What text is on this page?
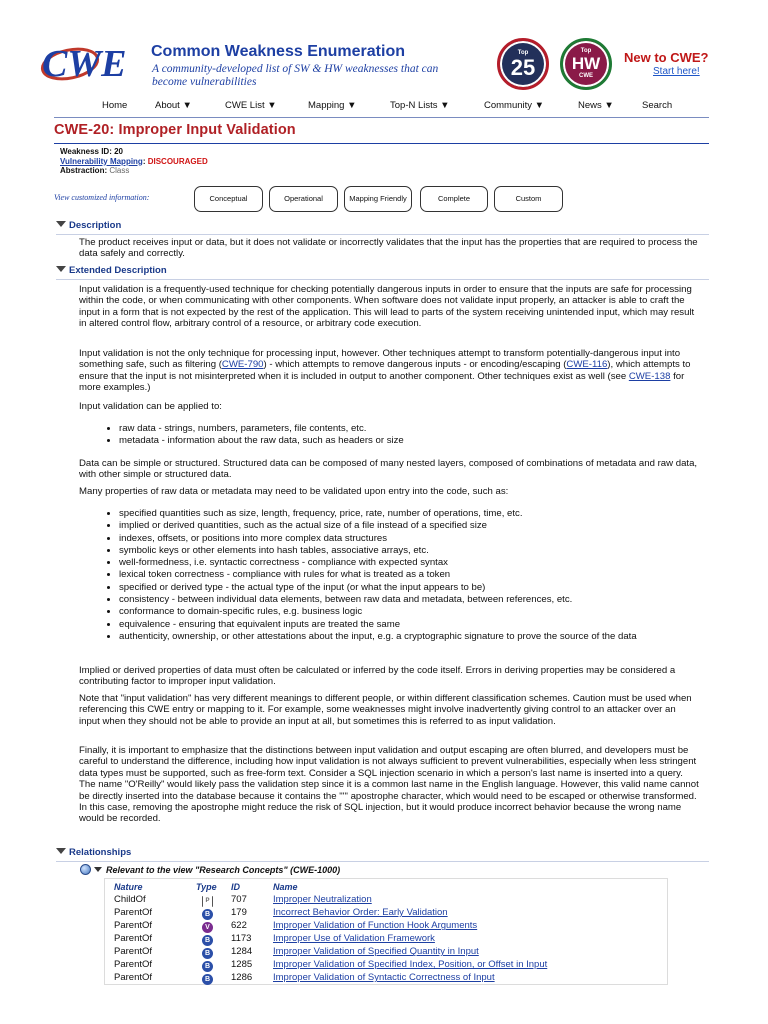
CWE Common Weakness Enumeration
A community-developed list of SW & HW weaknesses that can become vulnerabilities
Top
25
Top
HW
CWE
New to CWE?
Start here!
Home	About ▼	CWE List ▼	Mapping ▼	Top-N Lists ▼	Community ▼	News ▼	Search
CWE-20: Improper Input Validation
Weakness ID: 20
Vulnerability Mapping: DISCOURAGED
Abstraction: Class
View customized information:	Conceptual	Operational	Mapping Friendly	Complete	Custom
Description

The product receives input or data, but it does not validate or incorrectly validates that the input has the properties that are required to process the data safely and correctly.

Extended Description

Input validation is a frequently-used technique for checking potentially dangerous inputs in order to ensure that the inputs are safe for processing within the code, or when communicating with other components. When software does not validate input properly, an attacker is able to craft the input in a form that is not expected by the rest of the application. This will lead to parts of the system receiving unintended input, which may result in altered control flow, arbitrary control of a resource, or arbitrary code execution.

Input validation is not the only technique for processing input, however. Other techniques attempt to transform potentially-dangerous input into something safe, such as filtering (CWE-790) - which attempts to remove dangerous inputs - or encoding/escaping (CWE-116), which attempts to ensure that the input is not misinterpreted when it is included in output to another component. Other techniques exist as well (see CWE-138 for more examples.)

Input validation can be applied to:

• raw data - strings, numbers, parameters, file contents, etc.
• metadata - information about the raw data, such as headers or size

Data can be simple or structured. Structured data can be composed of many nested layers, composed of combinations of metadata and raw data, with other simple or structured data.

Many properties of raw data or metadata may need to be validated upon entry into the code, such as:

• specified quantities such as size, length, frequency, price, rate, number of operations, time, etc.
• implied or derived quantities, such as the actual size of a file instead of a specified size
• indexes, offsets, or positions into more complex data structures
• symbolic keys or other elements into hash tables, associative arrays, etc.
• well-formedness, i.e. syntactic correctness - compliance with expected syntax
• lexical token correctness - compliance with rules for what is treated as a token
• specified or derived type - the actual type of the input (or what the input appears to be)
• consistency - between individual data elements, between raw data and metadata, between references, etc.
• conformance to domain-specific rules, e.g. business logic
• equivalence - ensuring that equivalent inputs are treated the same
• authenticity, ownership, or other attestations about the input, e.g. a cryptographic signature to prove the source of the data

Implied or derived properties of data must often be calculated or inferred by the code itself. Errors in deriving properties may be considered a contributing factor to improper input validation.

Note that "input validation" has very different meanings to different people, or within different classification schemes. Caution must be used when referencing this CWE entry or mapping to it. For example, some weaknesses might involve inadvertently giving control to an attacker over an input when they should not be able to provide an input at all, but sometimes this is referred to as input validation.

Finally, it is important to emphasize that the distinctions between input validation and output escaping are often blurred, and developers must be careful to understand the difference, including how input validation is not always sufficient to prevent vulnerabilities, especially when less stringent data types must be supported, such as free-form text. Consider a SQL injection scenario in which a person's last name is inserted into a query. The name "O'Reilly" would likely pass the validation step since it is a common last name in the English language. However, this valid name cannot be directly inserted into the database because it contains the "'" apostrophe character, which would need to be escaped or otherwise transformed. In this case, removing the apostrophe might reduce the risk of SQL injection, but it would produce incorrect behavior because the wrong name would be recorded.

Relationships
Relevant to the view "Research Concepts" (CWE-1000)
Nature	Type	ID	Name
ChildOf	P	707	Improper Neutralization
ParentOf	B	179	Incorrect Behavior Order: Early Validation
ParentOf	V	622	Improper Validation of Function Hook Arguments
ParentOf	B	1173	Improper Use of Validation Framework
ParentOf	B	1284	Improper Validation of Specified Quantity in Input
ParentOf	B	1285	Improper Validation of Specified Index, Position, or Offset in Input
ParentOf	B	1286	Improper Validation of Syntactic Correctness of Input
